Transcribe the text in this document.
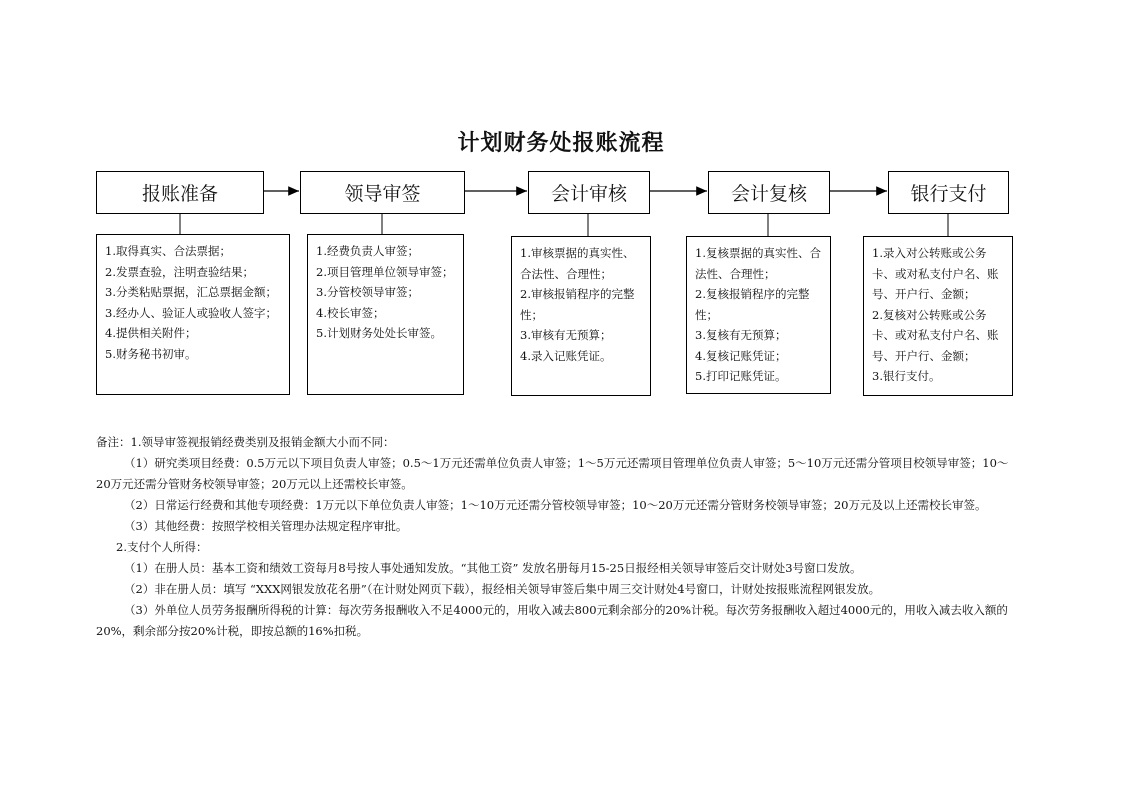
计划财务处报账流程
报账准备	领导审签	会计审核	会计复核	银行支付

1.取得真实、合法票据；

2.发票查验，注明查验结果；

3.分类粘贴票据，汇总票据金额；

3.经办人、验证人或验收人签字；

4.提供相关附件；

5.财务秘书初审。

1.经费负责人审签；

2.项目管理单位领导审签；

3.分管校领导审签；

4.校长审签；

5.计划财务处处长审签。

1.审核票据的真实性、合法性、合理性；

2.审核报销程序的完整性；

3.审核有无预算；

4.录入记账凭证。

1.复核票据的真实性、合法性、合理性；

2.复核报销程序的完整性；

3.复核有无预算；

4.复核记账凭证；

5.打印记账凭证。

1.录入对公转账或公务卡、或对私支付户名、账号、开户行、金额；

2.复核对公转账或公务卡、或对私支付户名、账号、开户行、金额；

3.银行支付。

备注：1.领导审签视报销经费类别及报销金额大小而不同：

（1）研究类项目经费：0.5万元以下项目负责人审签；0.5～1万元还需单位负责人审签；1～5万元还需项目管理单位负责人审签；5～10万元还需分管项目校领导审签；10～20万元还需分管财务校领导审签；20万元以上还需校长审签。

（2）日常运行经费和其他专项经费：1万元以下单位负责人审签；1～10万元还需分管校领导审签；10～20万元还需分管财务校领导审签；20万元及以上还需校长审签。

（3）其他经费：按照学校相关管理办法规定程序审批。

2.支付个人所得：

（1）在册人员：基本工资和绩效工资每月8号按人事处通知发放。“其他工资” 发放名册每月15-25日报经相关领导审签后交计财处3号窗口发放。

（2）非在册人员：填写 “XXX网银发放花名册”（在计财处网页下载），报经相关领导审签后集中周三交计财处4号窗口，计财处按报账流程网银发放。

（3）外单位人员劳务报酬所得税的计算：每次劳务报酬收入不足4000元的，用收入减去800元剩余部分的20%计税。每次劳务报酬收入超过4000元的，用收入减去收入额的20%，剩余部分按20%计税，即按总额的16%扣税。
